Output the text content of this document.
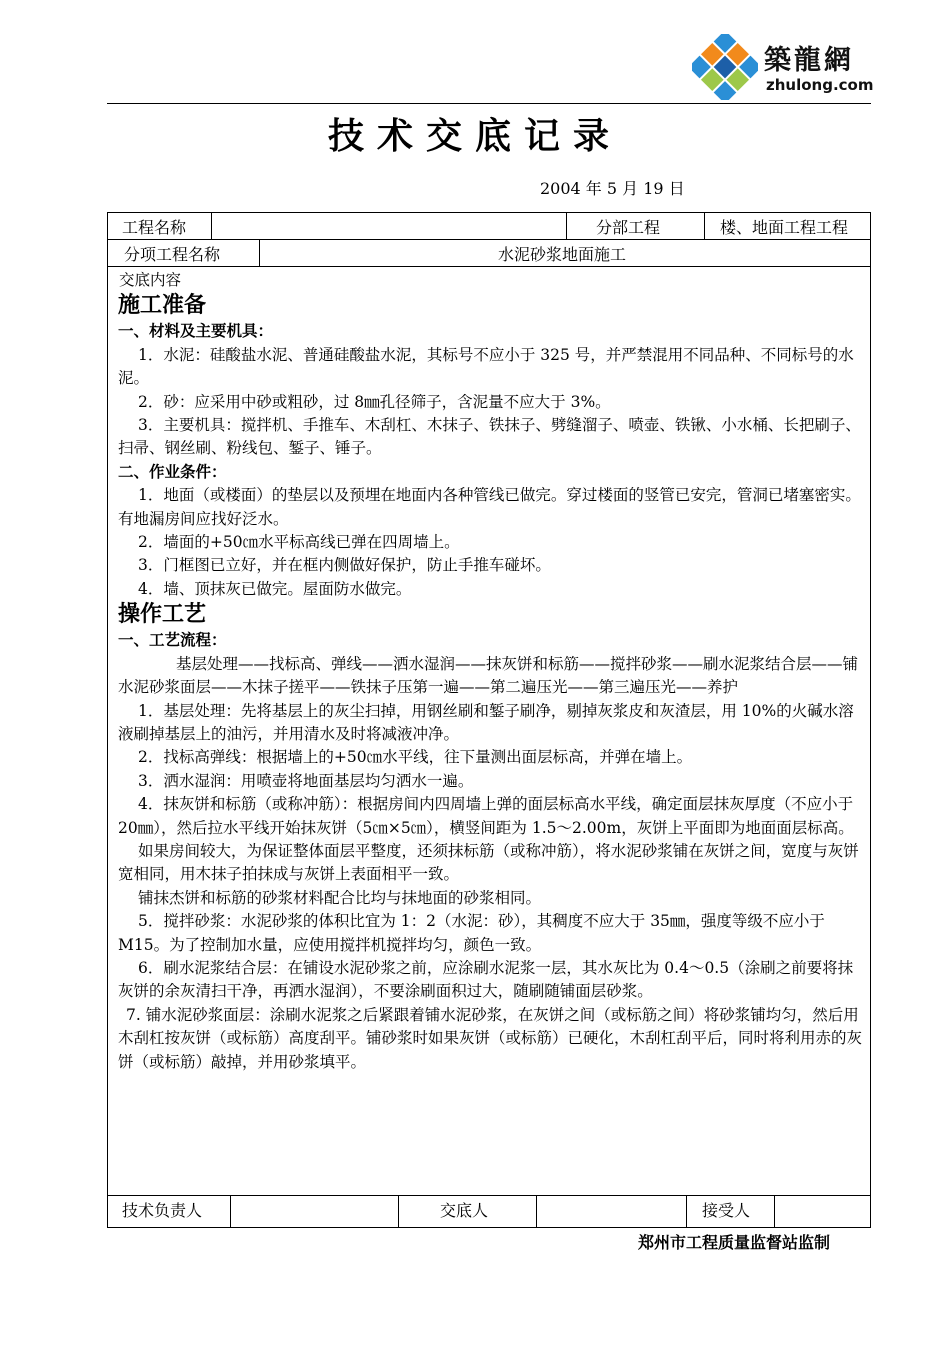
築龍網
zhulong.com
技术交底记录
2004 年 5 月 19 日
工程名称	分部工程	楼、地面工程工程
分项工程名称	水泥砂浆地面施工

交底内容

施工准备

一、材料及主要机具：

1．水泥：硅酸盐水泥、普通硅酸盐水泥，其标号不应小于 325 号，并严禁混用不同品种、不同标号的水泥。

2．砂：应采用中砂或粗砂，过 8㎜孔径筛子，含泥量不应大于 3%。

3．主要机具：搅拌机、手推车、木刮杠、木抹子、铁抹子、劈缝溜子、喷壶、铁锹、小水桶、长把刷子、扫帚、钢丝刷、粉线包、錾子、锤子。

二、作业条件：

1．地面（或楼面）的垫层以及预埋在地面内各种管线已做完。穿过楼面的竖管已安完，管洞已堵塞密实。有地漏房间应找好泛水。

2．墙面的+50㎝水平标高线已弹在四周墙上。

3．门框图已立好，并在框内侧做好保护，防止手推车碰坏。

4．墙、顶抹灰已做完。屋面防水做完。

操作工艺

一、工艺流程：

基层处理——找标高、弹线——洒水湿润——抹灰饼和标筋——搅拌砂浆——刷水泥浆结合层——铺水泥砂浆面层——木抹子搓平——铁抹子压第一遍——第二遍压光——第三遍压光——养护

1．基层处理：先将基层上的灰尘扫掉，用钢丝刷和錾子刷净，剔掉灰浆皮和灰渣层，用 10%的火碱水溶液刷掉基层上的油污，并用清水及时将减液冲净。

2．找标高弹线：根据墙上的+50㎝水平线，往下量测出面层标高，并弹在墙上。

3．洒水湿润：用喷壶将地面基层均匀洒水一遍。

4．抹灰饼和标筋（或称冲筋）：根据房间内四周墙上弹的面层标高水平线，确定面层抹灰厚度（不应小于 20㎜），然后拉水平线开始抹灰饼（5㎝×5㎝），横竖间距为 1.5～2.00m，灰饼上平面即为地面面层标高。

如果房间较大，为保证整体面层平整度，还须抹标筋（或称冲筋），将水泥砂浆铺在灰饼之间，宽度与灰饼宽相同，用木抹子拍抹成与灰饼上表面相平一致。

铺抹杰饼和标筋的砂浆材料配合比均与抹地面的砂浆相同。

5．搅拌砂浆：水泥砂浆的体积比宜为 1：2（水泥：砂），其稠度不应大于 35㎜，强度等级不应小于 M15。为了控制加水量，应使用搅拌机搅拌均匀，颜色一致。

6．刷水泥浆结合层：在铺设水泥砂浆之前，应涂刷水泥浆一层，其水灰比为 0.4～0.5（涂刷之前要将抹灰饼的余灰清扫干净，再洒水湿润），不要涂刷面积过大，随刷随铺面层砂浆。

7. 铺水泥砂浆面层：涂刷水泥浆之后紧跟着铺水泥砂浆，在灰饼之间（或标筋之间）将砂浆铺均匀，然后用木刮杠按灰饼（或标筋）高度刮平。铺砂浆时如果灰饼（或标筋）已硬化，木刮杠刮平后，同时将利用赤的灰饼（或标筋）敲掉，并用砂浆填平。

技术负责人	交底人	接受人
郑州市工程质量监督站监制
